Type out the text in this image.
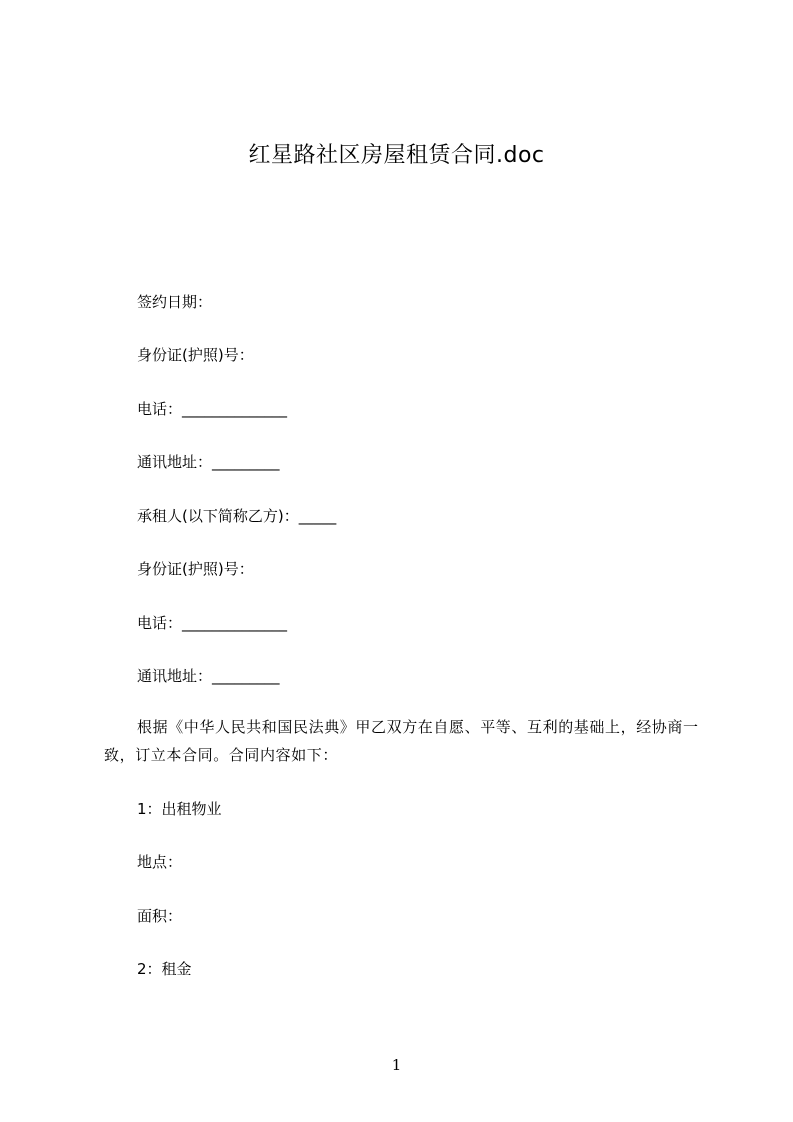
红星路社区房屋租赁合同.doc
签约日期：
身份证(护照)号：
电话：______________
通讯地址：_________
承租人(以下简称乙方)：_____
身份证(护照)号：
电话：______________
通讯地址：_________
根据《中华人民共和国民法典》甲乙双方在自愿、平等、互利的基础上，经协商一致，订立本合同。合同内容如下：
1：出租物业
地点：
面积：
2：租金
1
